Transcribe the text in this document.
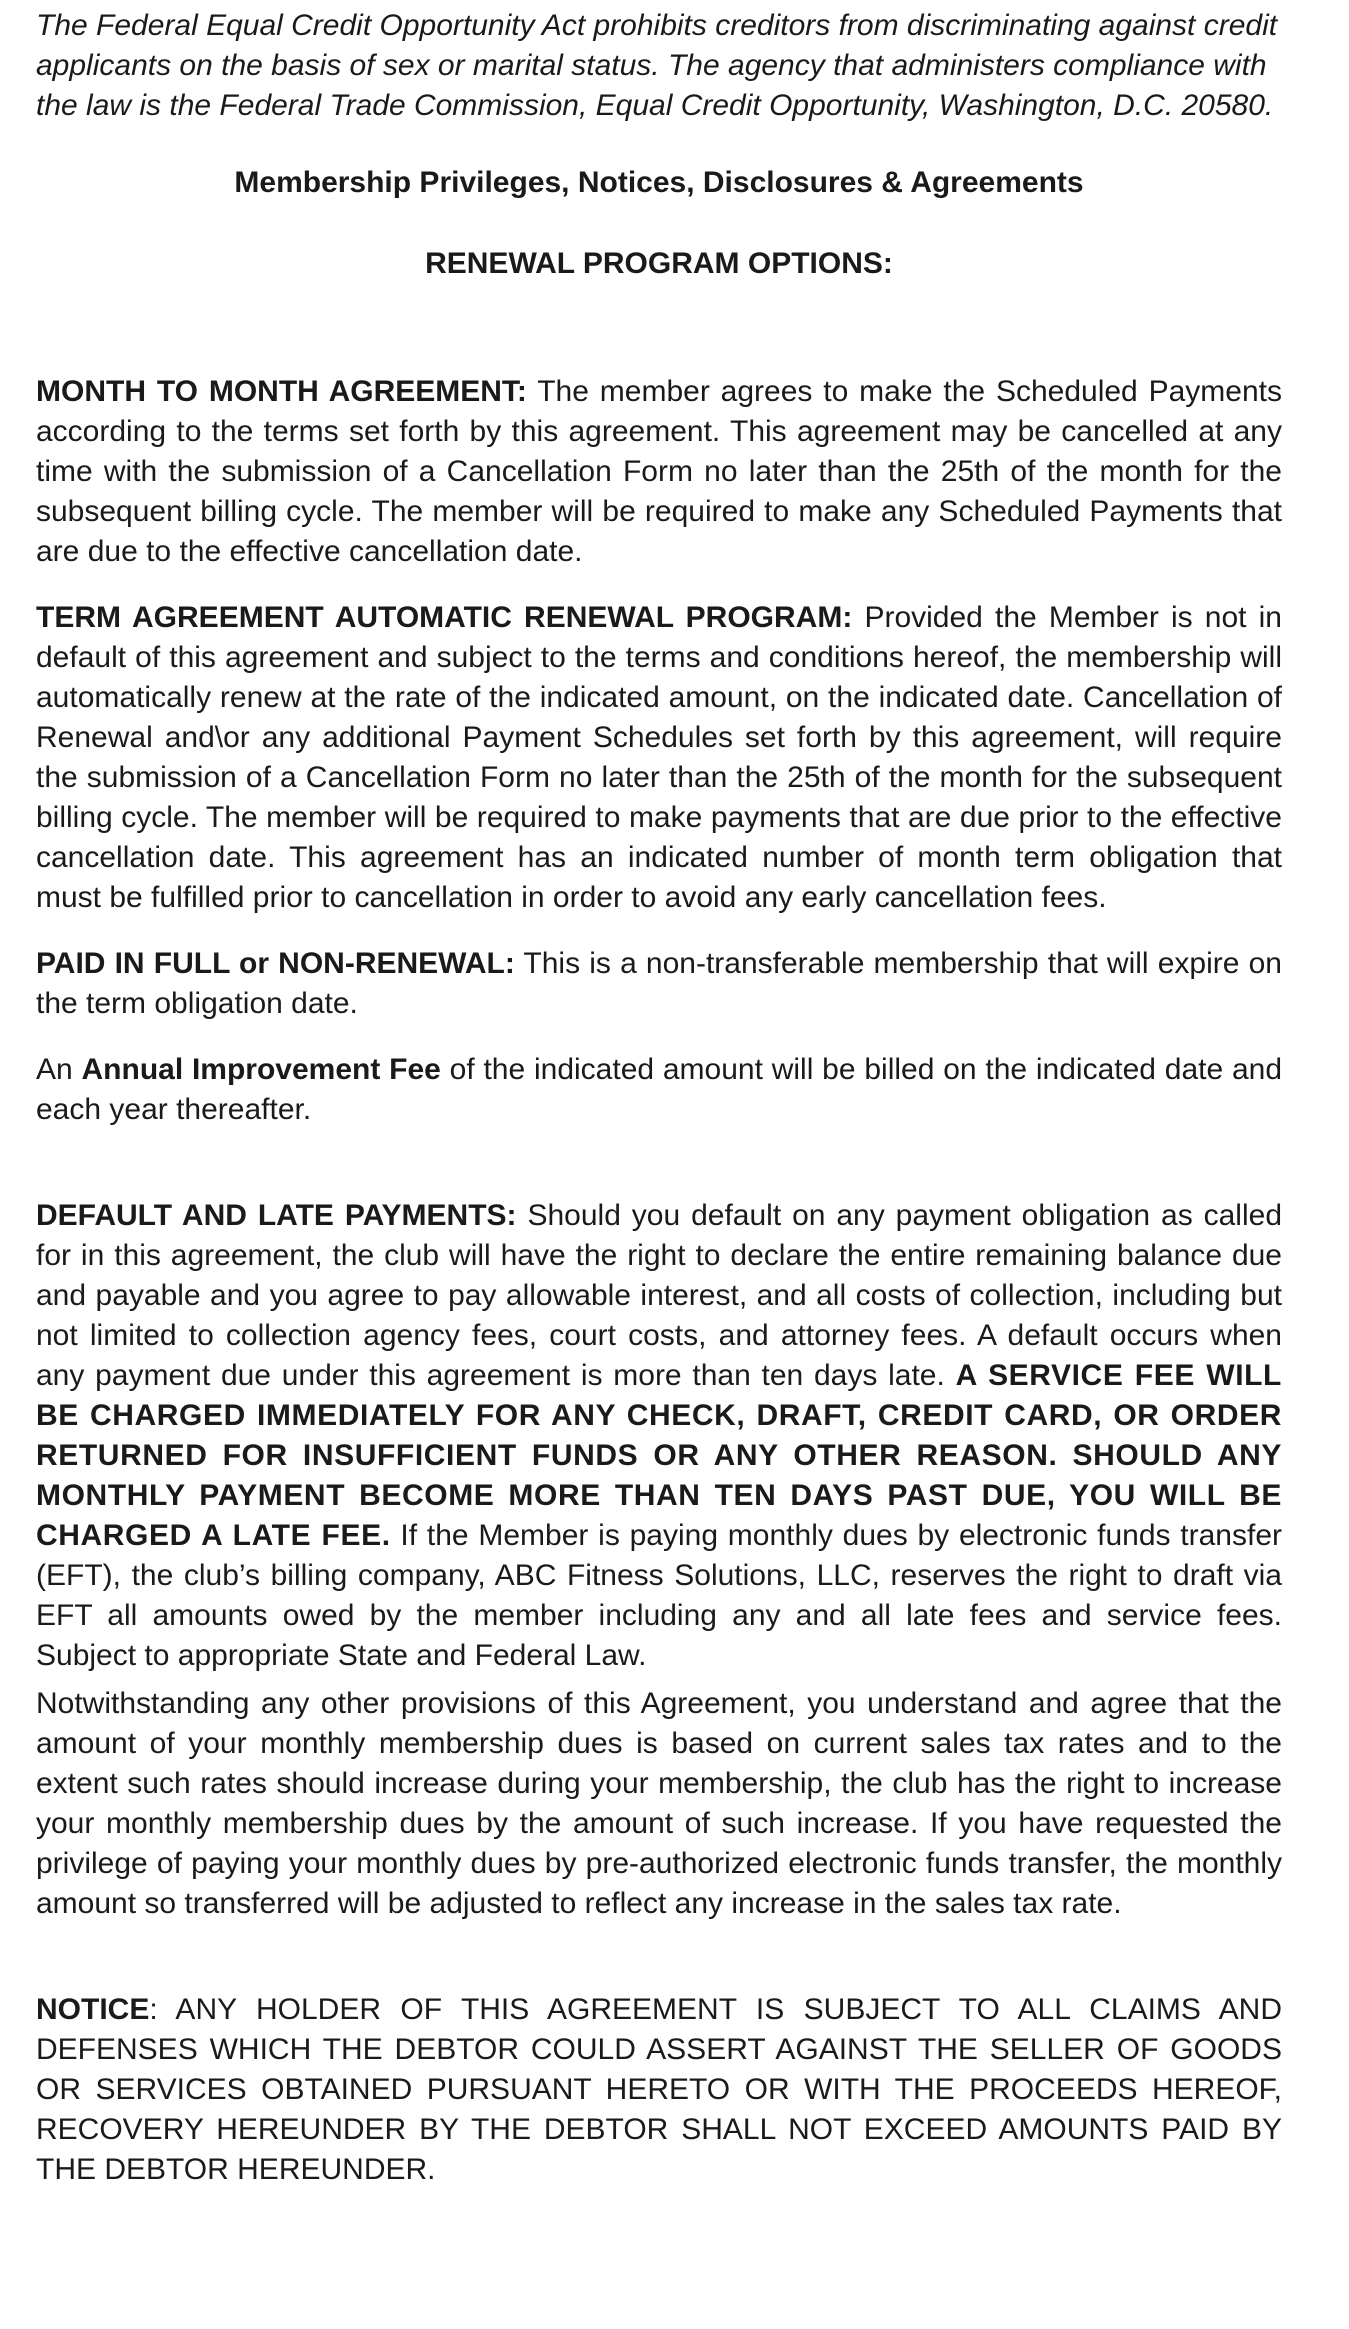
The Federal Equal Credit Opportunity Act prohibits creditors from discriminating against credit applicants on the basis of sex or marital status. The agency that administers compliance with the law is the Federal Trade Commission, Equal Credit Opportunity, Washington, D.C. 20580.

Membership Privileges, Notices, Disclosures & Agreements

RENEWAL PROGRAM OPTIONS:

MONTH TO MONTH AGREEMENT: The member agrees to make the Scheduled Payments according to the terms set forth by this agreement. This agreement may be cancelled at any time with the submission of a Cancellation Form no later than the 25th of the month for the subsequent billing cycle. The member will be required to make any Scheduled Payments that are due to the effective cancellation date.

TERM AGREEMENT AUTOMATIC RENEWAL PROGRAM: Provided the Member is not in default of this agreement and subject to the terms and conditions hereof, the membership will automatically renew at the rate of the indicated amount, on the indicated date. Cancellation of Renewal and\or any additional Payment Schedules set forth by this agreement, will require the submission of a Cancellation Form no later than the 25th of the month for the subsequent billing cycle. The member will be required to make payments that are due prior to the effective cancellation date. This agreement has an indicated number of month term obligation that must be fulfilled prior to cancellation in order to avoid any early cancellation fees.

PAID IN FULL or NON-RENEWAL: This is a non-transferable membership that will expire on the term obligation date.

An Annual Improvement Fee of the indicated amount will be billed on the indicated date and each year thereafter.

DEFAULT AND LATE PAYMENTS: Should you default on any payment obligation as called for in this agreement, the club will have the right to declare the entire remaining balance due and payable and you agree to pay allowable interest, and all costs of collection, including but not limited to collection agency fees, court costs, and attorney fees. A default occurs when any payment due under this agreement is more than ten days late. A SERVICE FEE WILL BE CHARGED IMMEDIATELY FOR ANY CHECK, DRAFT, CREDIT CARD, OR ORDER RETURNED FOR INSUFFICIENT FUNDS OR ANY OTHER REASON. SHOULD ANY MONTHLY PAYMENT BECOME MORE THAN TEN DAYS PAST DUE, YOU WILL BE CHARGED A LATE FEE. If the Member is paying monthly dues by electronic funds transfer (EFT), the club’s billing company, ABC Fitness Solutions, LLC, reserves the right to draft via EFT all amounts owed by the member including any and all late fees and service fees. Subject to appropriate State and Federal Law.

Notwithstanding any other provisions of this Agreement, you understand and agree that the amount of your monthly membership dues is based on current sales tax rates and to the extent such rates should increase during your membership, the club has the right to increase your monthly membership dues by the amount of such increase. If you have requested the privilege of paying your monthly dues by pre-authorized electronic funds transfer, the monthly amount so transferred will be adjusted to reflect any increase in the sales tax rate.

NOTICE: ANY HOLDER OF THIS AGREEMENT IS SUBJECT TO ALL CLAIMS AND DEFENSES WHICH THE DEBTOR COULD ASSERT AGAINST THE SELLER OF GOODS OR SERVICES OBTAINED PURSUANT HERETO OR WITH THE PROCEEDS HEREOF, RECOVERY HEREUNDER BY THE DEBTOR SHALL NOT EXCEED AMOUNTS PAID BY THE DEBTOR HEREUNDER.
